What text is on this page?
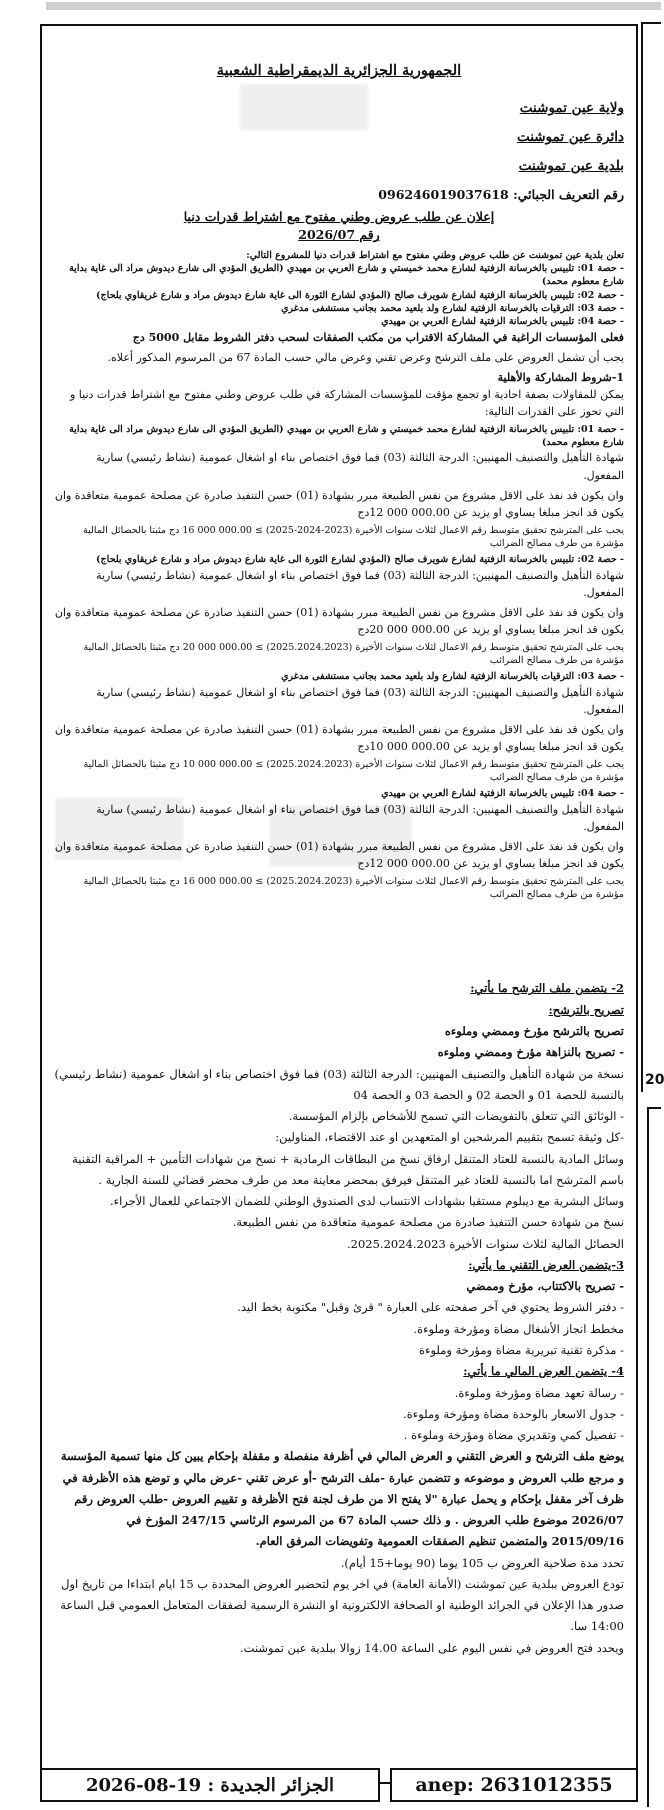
20
الجمهورية الجزائرية الديمقراطية الشعبية
ولاية عين تموشنت
دائرة عين تموشنت
بلدية عين تموشنت
رقم التعريف الجبائي: 096246019037618
إعلان عن طلب عروض وطني مفتوح مع اشتراط قدرات دنيا
رقم 2026/07

تعلن بلدية عين تموشنت عن طلب عروض وطني مفتوح مع اشتراط قدرات دنيا للمشروع التالي:

- حصة 01: تلبيس بالخرسانة الزفتية لشارع محمد خميستي و شارع العربي بن مهيدي (الطريق المؤدي الى شارع ديدوش مراد الى غاية بداية شارع معطوم محمد)

- حصة 02: تلبيس بالخرسانة الزفتية لشارع شويرف صالح (المؤدي لشارع الثورة الى غاية شارع ديدوش مراد و شارع غريقاوي بلحاج)

- حصة 03: الترقيات بالخرسانة الزفتية لشارع ولد بلعيد محمد بجانب مستشفى مدغري

- حصة 04: تلبيس بالخرسانة الزفتية لشارع العربي بن مهيدي

فعلى المؤسسات الراغبة في المشاركة الاقتراب من مكتب الصفقات لسحب دفتر الشروط مقابل 5000 دج

يجب أن تشمل العروض على ملف الترشح وعرض تقني وعرض مالي حسب المادة 67 من المرسوم المذكور أعلاه.

1-شروط المشاركة والأهلية

يمكن للمقاولات بصفة احادية او تجمع مؤقت للمؤسسات المشاركة في طلب عروض وطني مفتوح مع اشتراط قدرات دنيا و التي تحوز على القدرات التالية:

- حصة 01: تلبيس بالخرسانة الزفتية لشارع محمد خميستي و شارع العربي بن مهيدي (الطريق المؤدي الى شارع ديدوش مراد الى غاية بداية شارع معطوم محمد)

شهادة التأهيل والتصنيف المهنيين: الدرجة الثالثة (03) فما فوق اختصاص بناء او اشغال عمومية (نشاط رئيسي) سارية المفعول.

وان يكون قد نفذ على الاقل مشروع من نفس الطبيعة مبرر بشهادة (01) حسن التنفيذ صادرة عن مصلحة عمومية متعاقدة وان يكون قد انجز مبلغا يساوي او يزيد عن 000.00 000 12دج

يجب على المترشح تحقيق متوسط رقم الاعمال لثلاث سنوات الأخيرة (2023-2024-2025) ≥ 000.00 000 16 دج مثبتا بالحصائل المالية مؤشرة من طرف مصالح الضرائب

- حصة 02: تلبيس بالخرسانة الزفتية لشارع شويرف صالح (المؤدي لشارع الثورة الى غاية شارع ديدوش مراد و شارع غريقاوي بلحاج)

شهادة التأهيل والتصنيف المهنيين: الدرجة الثالثة (03) فما فوق اختصاص بناء او اشغال عمومية (نشاط رئيسي) سارية المفعول.

وان يكون قد نفذ على الاقل مشروع من نفس الطبيعة مبرر بشهادة (01) حسن التنفيذ صادرة عن مصلحة عمومية متعاقدة وان يكون قد انجز مبلغا يساوي او يزيد عن 000.00 000 20دج

يجب على المترشح تحقيق متوسط رقم الاعمال لثلاث سنوات الأخيرة (2025.2024.2023) ≥ 000.00 000 20 دج مثبتا بالحصائل المالية مؤشرة من طرف مصالح الضرائب

- حصة 03: الترقيات بالخرسانة الزفتية لشارع ولد بلعيد محمد بجانب مستشفى مدغري

شهادة التأهيل والتصنيف المهنيين: الدرجة الثالثة (03) فما فوق اختصاص بناء او اشغال عمومية (نشاط رئيسي) سارية المفعول.

وان يكون قد نفذ على الاقل مشروع من نفس الطبيعة مبرر بشهادة (01) حسن التنفيذ صادرة عن مصلحة عمومية متعاقدة وان يكون قد انجز مبلغا يساوي او يزيد عن 000.00 000 10دج

يجب على المترشح تحقيق متوسط رقم الاعمال لثلاث سنوات الأخيرة (2025.2024.2023) ≥ 000.00 000 10 دج مثبتا بالحصائل المالية مؤشرة من طرف مصالح الضرائب

- حصة 04: تلبيس بالخرسانة الزفتية لشارع العربي بن مهيدي

شهادة التأهيل والتصنيف المهنيين: الدرجة الثالثة (03) فما فوق اختصاص بناء او اشغال عمومية (نشاط رئيسي) سارية المفعول.

وان يكون قد نفذ على الاقل مشروع من نفس الطبيعة مبرر بشهادة (01) حسن التنفيذ صادرة عن مصلحة عمومية متعاقدة وان يكون قد انجز مبلغا يساوي او يزيد عن 000.00 000 12دج

يجب على المترشح تحقيق متوسط رقم الاعمال لثلاث سنوات الأخيرة (2025.2024.2023) ≥ 000.00 000 16 دج مثبتا بالحصائل المالية مؤشرة من طرف مصالح الضرائب

2- يتضمن ملف الترشح ما يأتي:

تصريح بالترشح:

تصريح بالترشح مؤرخ وممضي وملوءه

- تصريح بالنزاهة مؤرخ وممضي وملوءه

نسخة من شهادة التأهيل والتصنيف المهنيين: الدرجة الثالثة (03) فما فوق اختصاص بناء او اشغال عمومية (نشاط رئيسي) بالنسبة للحصة 01 و الحصة 02 و الحصة 03 و الحصة 04

- الوثائق التي تتعلق بالتفويضات التي تسمح للأشخاص بإلزام المؤسسة.

-كل وثيقة تسمح بتقييم المرشحين او المتعهدين او عند الاقتضاء، المناولين:

وسائل المادية بالنسبة للعتاد المتنقل ارفاق نسخ من البطاقات الرمادية + نسخ من شهادات التأمين + المراقبة التقنية باسم المترشح اما بالنسبة للعتاد غير المتنقل فيرفق بمحضر معاينة معد من طرف محضر قضائي للسنة الجارية .

وسائل البشرية مع ديبلوم مستقيا بشهادات الانتساب لدى الصندوق الوطني للضمان الاجتماعي للعمال الأجراء.

نسخ من شهادة حسن التنفيذ صادرة من مصلحة عمومية متعاقدة من نفس الطبيعة.

الحصائل المالية لثلاث سنوات الأخيرة 2025.2024.2023.

3-يتضمن العرض التقني ما يأتي:

- تصريح بالاكتتاب، مؤرخ وممضي

- دفتر الشروط يحتوي في آخر صفحته على العبارة " قرئ وقبل" مكتوبة بخط اليد.

مخطط انجاز الأشغال مضاة ومؤرخة وملوءة.

- مذكرة تقنية تبريرية مضاة ومؤرخة وملوءة

4- يتضمن العرض المالي ما يأتي:

- رسالة تعهد مضاة ومؤرخة وملوءة.

- جدول الاسعار بالوحدة مضاة ومؤرخة وملوءة.

- تفصيل كمي وتقديري مضاة ومؤرخة وملوءة .

يوضع ملف الترشح و العرض التقني و العرض المالي في أظرفة منفصلة و مقفلة بإحكام يبين كل منها تسمية المؤسسة و مرجع طلب العروض و موضوعه و تتضمن عبارة -ملف الترشح -أو عرض تقني -عرض مالي و توضع هذه الأظرفة في ظرف آخر مقفل بإحكام و يحمل عبارة "لا يفتح الا من طرف لجنة فتح الأظرفة و تقييم العروض -طلب العروض رقم 2026/07 موضوع طلب العروض . و ذلك حسب المادة 67 من المرسوم الرئاسي 247/15 المؤرخ في 2015/09/16 والمتضمن تنظيم الصفقات العمومية وتفويضات المرفق العام.

تحدد مدة صلاحية العروض ب 105 يوما (90 يوما+15 أيام).

تودع العروض ببلدية عين تموشنت (الأمانة العامة) في اخر يوم لتحضير العروض المحددة ب 15 ايام ابتداءا من تاريخ اول صدور هذا الإعلان في الجرائد الوطنية او الصحافة الالكترونية او النشرة الرسمية لصفقات المتعامل العمومي قبل الساعة 14:00 سا.

ويحدد فتح العروض في نفس اليوم على الساعة 14.00 زوالا ببلدية عين تموشنت.

الجزائر الجديدة : 19-08-2026	anep: 2631012355
